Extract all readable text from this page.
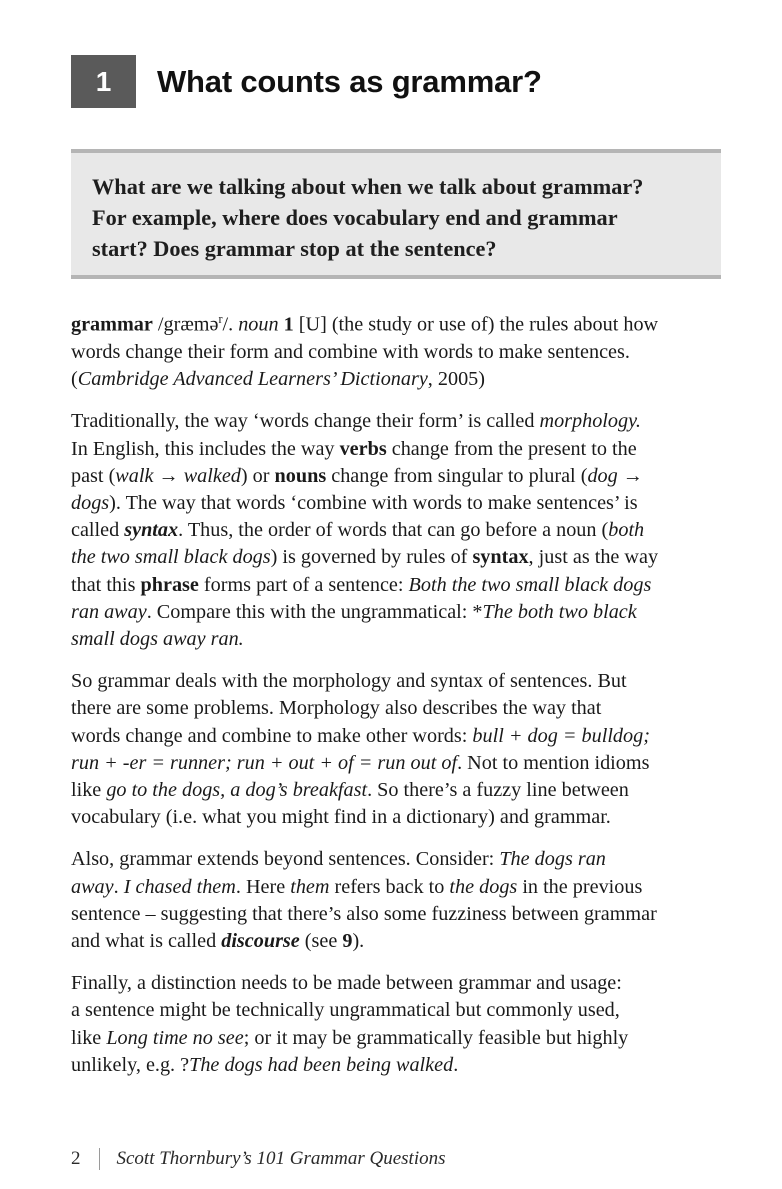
1	What counts as grammar?
What are we talking about when we talk about grammar?
For example, where does vocabulary end and grammar
start? Does grammar stop at the sentence?

grammar /græmə$^r$/. noun 1 [U] (the study or use of) the rules about how
words change their form and combine with words to make sentences.
(Cambridge Advanced Learners’ Dictionary, 2005)

Traditionally, the way ‘words change their form’ is called morphology.
In English, this includes the way verbs change from the present to the
past (walk → walked) or nouns change from singular to plural (dog →
dogs). The way that words ‘combine with words to make sentences’ is
called syntax. Thus, the order of words that can go before a noun (both
the two small black dogs) is governed by rules of syntax, just as the way
that this phrase forms part of a sentence: Both the two small black dogs
ran away. Compare this with the ungrammatical: *The both two black
small dogs away ran.

So grammar deals with the morphology and syntax of sentences. But
there are some problems. Morphology also describes the way that
words change and combine to make other words: bull + dog = bulldog;
run + -er = runner; run + out + of = run out of. Not to mention idioms
like go to the dogs, a dog’s breakfast. So there’s a fuzzy line between
vocabulary (i.e. what you might find in a dictionary) and grammar.

Also, grammar extends beyond sentences. Consider: The dogs ran
away. I chased them. Here them refers back to the dogs in the previous
sentence – suggesting that there’s also some fuzziness between grammar
and what is called discourse (see 9).

Finally, a distinction needs to be made between grammar and usage:
a sentence might be technically ungrammatical but commonly used,
like Long time no see; or it may be grammatically feasible but highly
unlikely, e.g. ?The dogs had been being walked.

2 Scott Thornbury’s 101 Grammar Questions
